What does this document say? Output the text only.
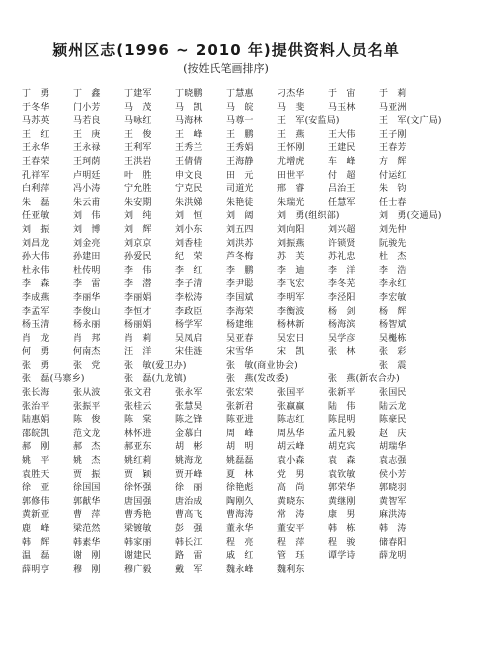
颍州区志(1996 ~ 2010 年)提供资料人员名单
(按姓氏笔画排序)
丁　勇	丁　鑫	丁建军	丁晓鹏	丁慧惠	刁杰华	于　宙	于　莉
于冬华	门小芳	马　茂	马　凯	马　皖	马　斐	马玉林	马亚洲
马苏英	马若良	马咏红	马海林	马尊一	王　军(安监局)	王　军(文广局)
王　红	王　庚	王　俊	王　峰	王　鹏	王　燕	王大伟	王子刚
王永华	王永禄	王利军	王秀兰	王秀娟	王怀刚	王建民	王春芳
王春荣	王珂荫	王洪岩	王倩倩	王海静	尤增虎	车　峰	方　辉
孔祥军	卢明廷	叶　胜	申文良	田　元	田世平	付　超	付运红
白利萍	冯小涛	宁允胜	宁克民	司道光	邢　睿	吕治王	朱　钧
朱　磊	朱云甫	朱安期	朱洪娣	朱艳徒	朱瑞光	任慧军	任士春
任亚敏	刘　伟	刘　纯	刘　恒	刘　阔	刘　勇(组织部)	刘　勇(交通局)
刘　振	刘　博	刘　辉	刘小东	刘五四	刘向阳	刘兴超	刘先仲
刘昌龙	刘金亮	刘京京	刘香桂	刘洪苏	刘振燕	许锁贤	阮骏先
孙大伟	孙建田	孙爱民	纪　荣	芦冬梅	苏　芙	苏礼忠	杜　杰
杜永伟	杜传明	李　伟	李　红	李　鹏	李　迪	李　洋	李　浩
李　森	李　雷	李　潜	李子清	李尹聪	李飞宏	李冬芜	李永红
李成燕	李丽华	李丽娟	李松涛	李国斌	李明军	李泾阳	李宏敏
李孟军	李俊山	李恒才	李政臣	李海荣	李衡波	杨　剑	杨　辉
杨玉清	杨永丽	杨丽娟	杨学军	杨建维	杨林新	杨海滨	杨智斌
肖　龙	肖　邦	肖　莉	吴凤启	吴亚春	吴宏日	吴学彦	吴櫆栋
何　勇	何南杰	汪　洋	宋佳涟	宋雪华	宋　凯	张　林	张　彩
张　勇	张　党	张　敏(爱卫办)	张　敏(商业协会)	张　震
张　磊(马寨乡)	张　磊(九龙镇)	张　燕(发改委)	张　燕(新农合办)
张长海	张从波	张文君	张永军	张宏荣	张国平	张新平	张国民
张治平	张振平	张桂云	张慧昊	张新君	张赢赢	陆　伟	陆云龙
陆惠娟	陈　俊	陈　棠	陈之锋	陈亚进	陈志红	陈昆明	陈豪民
邵皖凯	范文龙	林怀进	金慕白	周　峰	周丛华	孟凡毅	赵　庆
郝　刚	郝　杰	郝亚东	胡　彬	胡　明	胡云峰	胡克宾	胡瑞华
姚　平	姚　杰	姚红莉	姚海龙	姚磊磊	袁小森	袁　森	袁志强
袁胜天	贾　振	贾　颖	贾开峰	夏　林	党　男	袁钦敏	侯小芳
徐　亚	徐国国	徐怀强	徐　丽	徐艳彪	高　尚	郭荣华	郭晓羽
郭修伟	郭献华	唐国强	唐治成	陶刚久	黄晓东	黄继刚	黄智军
黄新亚	曹　萍	曹秀艳	曹高飞	曹海涛	常　涛	康　男	麻洪涛
鹿　峰	梁范然	梁镀敏	彭　强	董永华	董安平	韩　栋	韩　涛
韩　辉	韩素华	韩家丽	韩长江	程　亮	程　萍	程　骏	储春阳
温　磊	谢　刚	谢建民	路　雷	戚　红	管　珏	谭学诗	薛龙明
薛明亨	穆　刚	穆广毅	戴　军	魏永峰	魏利东
